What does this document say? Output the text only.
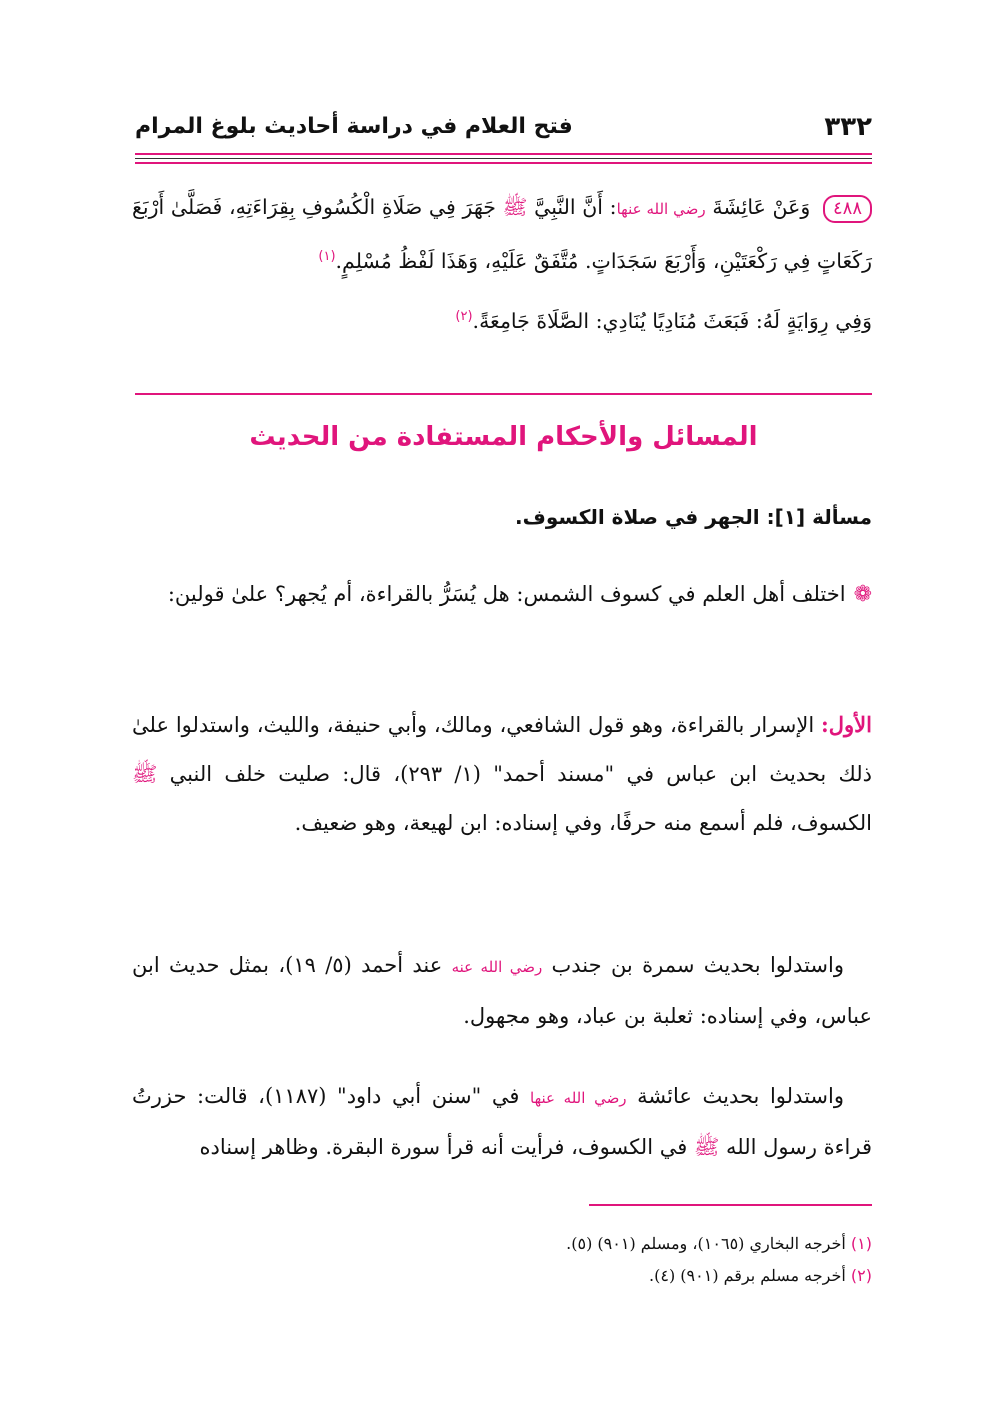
٣٣٢
فتح العلام في دراسة أحاديث بلوغ المرام
٤٨٨ وَعَنْ عَائِشَةَ رضي الله عنها: أَنَّ النَّبِيَّ ﷺ جَهَرَ فِي صَلَاةِ الْكُسُوفِ بِقِرَاءَتِهِ، فَصَلَّىٰ أَرْبَعَ رَكَعَاتٍ فِي رَكْعَتَيْنِ، وَأَرْبَعَ سَجَدَاتٍ. مُتَّفَقٌ عَلَيْهِ، وَهَذَا لَفْظُ مُسْلِمٍ.$^{(١)}$
وَفِي رِوَايَةٍ لَهُ: فَبَعَثَ مُنَادِيًا يُنَادِي: الصَّلَاةَ جَامِعَةً.$^{(٢)}$
المسائل والأحكام المستفادة من الحديث
مسألة [١]: الجهر في صلاة الكسوف.
❁اختلف أهل العلم في كسوف الشمس: هل يُسَرُّ بالقراءة، أم يُجهر؟ علىٰ قولين:
الأول: الإسرار بالقراءة، وهو قول الشافعي، ومالك، وأبي حنيفة، والليث، واستدلوا علىٰ ذلك بحديث ابن عباس في "مسند أحمد" (١/ ٢٩٣)، قال: صليت خلف النبي ﷺ الكسوف، فلم أسمع منه حرفًا، وفي إسناده: ابن لهيعة، وهو ضعيف.
واستدلوا بحديث سمرة بن جندب رضي الله عنه عند أحمد (٥/ ١٩)، بمثل حديث ابن عباس، وفي إسناده: ثعلبة بن عباد، وهو مجهول.
واستدلوا بحديث عائشة رضي الله عنها في "سنن أبي داود" (١١٨٧)، قالت: حزرتُ قراءة رسول الله ﷺ في الكسوف، فرأيت أنه قرأ سورة البقرة. وظاهر إسناده
(١) أخرجه البخاري (١٠٦٥)، ومسلم (٩٠١) (٥).
(٢) أخرجه مسلم برقم (٩٠١) (٤).
